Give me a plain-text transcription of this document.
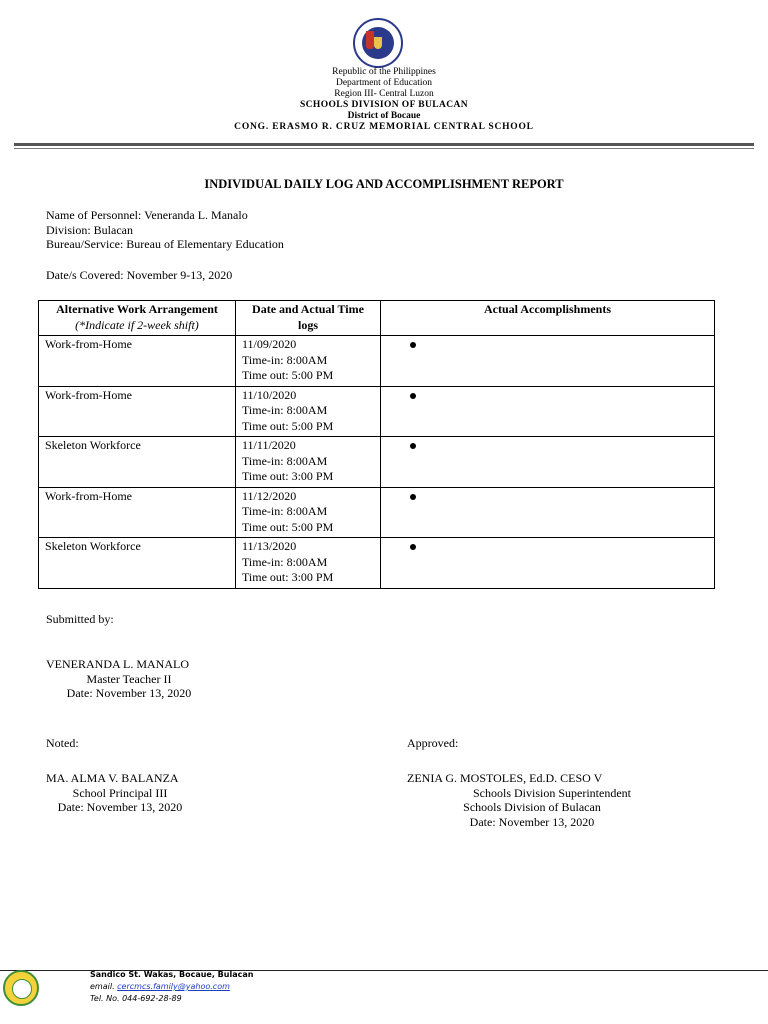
Republic of the Philippines
Department of Education
Region III- Central Luzon
SCHOOLS DIVISION OF BULACAN
District of Bocaue
CONG. ERASMO R. CRUZ MEMORIAL CENTRAL SCHOOL
INDIVIDUAL DAILY LOG AND ACCOMPLISHMENT REPORT
Name of Personnel: Veneranda L. Manalo
Division: Bulacan
Bureau/Service: Bureau of Elementary Education
Date/s Covered: November 9-13, 2020
Alternative Work Arrangement
(*Indicate if 2-week shift)	Date and Actual Time logs	Actual Accomplishments
Work-from-Home	11/09/2020
Time-in: 8:00AM
Time out: 5:00 PM	

Work-from-Home	11/10/2020
Time-in: 8:00AM
Time out: 5:00 PM	

Skeleton Workforce	11/11/2020
Time-in: 8:00AM
Time out: 3:00 PM	

Work-from-Home	11/12/2020
Time-in: 8:00AM
Time out: 5:00 PM	

Skeleton Workforce	11/13/2020
Time-in: 8:00AM
Time out: 3:00 PM	

Submitted by:
VENERANDA L. MANALO
Master Teacher II
Date: November 13, 2020
Noted:
MA. ALMA V. BALANZA
School Principal III
Date: November 13, 2020
Approved:
ZENIA G. MOSTOLES, Ed.D. CESO V
Schools Division Superintendent
Schools Division of Bulacan
Date: November 13, 2020
Sandico St. Wakas, Bocaue, Bulacan
email. cercmcs.family@yahoo.com
Tel. No. 044-692-28-89
